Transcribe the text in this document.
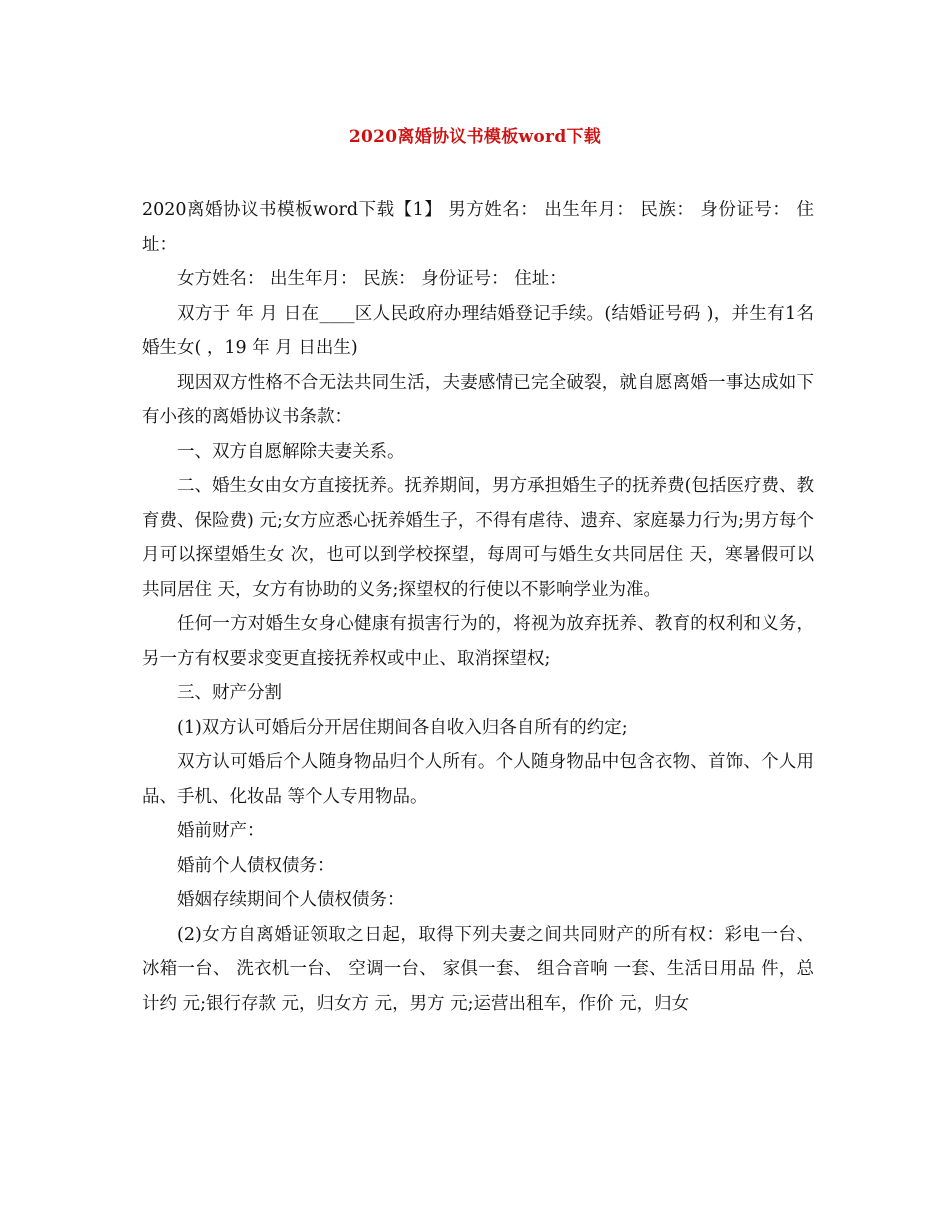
2020离婚协议书模板word下载

2020离婚协议书模板word下载【1】 男方姓名： 出生年月： 民族： 身份证号： 住址：

女方姓名： 出生年月： 民族： 身份证号： 住址：

双方于 年 月 日在____区人民政府办理结婚登记手续。(结婚证号码 )，并生有1名婚生女( ，19 年 月 日出生)

现因双方性格不合无法共同生活，夫妻感情已完全破裂，就自愿离婚一事达成如下有小孩的离婚协议书条款：

一、双方自愿解除夫妻关系。

二、婚生女由女方直接抚养。抚养期间，男方承担婚生子的抚养费(包括医疗费、教育费、保险费) 元;女方应悉心抚养婚生子，不得有虐待、遗弃、家庭暴力行为;男方每个月可以探望婚生女 次，也可以到学校探望，每周可与婚生女共同居住 天，寒暑假可以共同居住 天，女方有协助的义务;探望权的行使以不影响学业为准。

任何一方对婚生女身心健康有损害行为的，将视为放弃抚养、教育的权利和义务，另一方有权要求变更直接抚养权或中止、取消探望权;

三、财产分割

(1)双方认可婚后分开居住期间各自收入归各自所有的约定;

双方认可婚后个人随身物品归个人所有。个人随身物品中包含衣物、首饰、个人用品、手机、化妆品 等个人专用物品。

婚前财产：

婚前个人债权债务：

婚姻存续期间个人债权债务：

(2)女方自离婚证领取之日起，取得下列夫妻之间共同财产的所有权：彩电一台、 冰箱一台、 洗衣机一台、 空调一台、 家俱一套、 组合音响 一套、生活日用品 件，总计约 元;银行存款 元，归女方 元，男方 元;运营出租车，作价 元，归女
